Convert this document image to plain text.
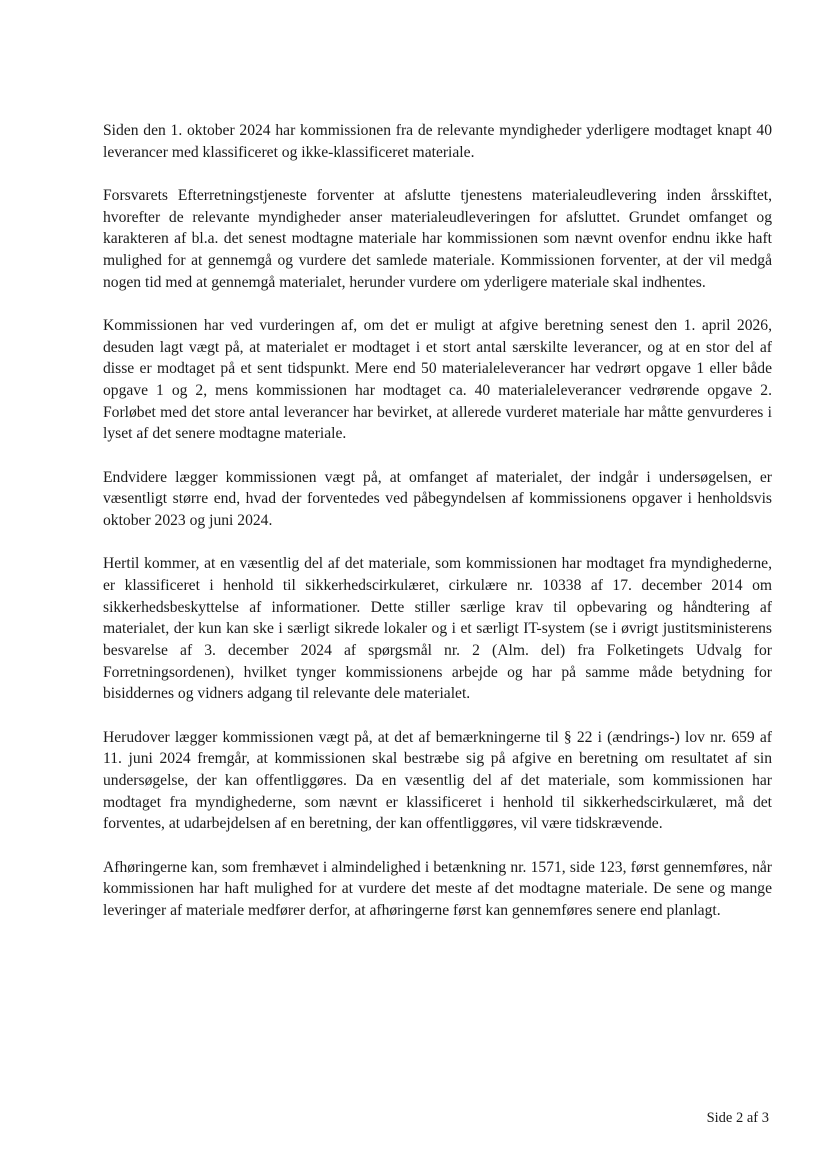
Siden den 1. oktober 2024 har kommissionen fra de relevante myndigheder yderligere modtaget knapt 40 leverancer med klassificeret og ikke-klassificeret materiale.

Forsvarets Efterretningstjeneste forventer at afslutte tjenestens materialeudlevering inden årsskiftet, hvorefter de relevante myndigheder anser materialeudleveringen for afsluttet. Grundet omfanget og karakteren af bl.a. det senest modtagne materiale har kommissionen som nævnt ovenfor endnu ikke haft mulighed for at gennemgå og vurdere det samlede materiale. Kommissionen forventer, at der vil medgå nogen tid med at gennemgå materialet, herunder vurdere om yderligere materiale skal indhentes.

Kommissionen har ved vurderingen af, om det er muligt at afgive beretning senest den 1. april 2026, desuden lagt vægt på, at materialet er modtaget i et stort antal særskilte leverancer, og at en stor del af disse er modtaget på et sent tidspunkt. Mere end 50 materialeleverancer har vedrørt opgave 1 eller både opgave 1 og 2, mens kommissionen har modtaget ca. 40 materialeleverancer vedrørende opgave 2. Forløbet med det store antal leverancer har bevirket, at allerede vurderet materiale har måtte genvurderes i lyset af det senere modtagne materiale.

Endvidere lægger kommissionen vægt på, at omfanget af materialet, der indgår i undersøgelsen, er væsentligt større end, hvad der forventedes ved påbegyndelsen af kommissionens opgaver i henholdsvis oktober 2023 og juni 2024.

Hertil kommer, at en væsentlig del af det materiale, som kommissionen har modtaget fra myndighederne, er klassificeret i henhold til sikkerhedscirkulæret, cirkulære nr. 10338 af 17. december 2014 om sikkerhedsbeskyttelse af informationer. Dette stiller særlige krav til opbevaring og håndtering af materialet, der kun kan ske i særligt sikrede lokaler og i et særligt IT-system (se i øvrigt justitsministerens besvarelse af 3. december 2024 af spørgsmål nr. 2 (Alm. del) fra Folketingets Udvalg for Forretningsordenen), hvilket tynger kommissionens arbejde og har på samme måde betydning for bisiddernes og vidners adgang til relevante dele materialet.

Herudover lægger kommissionen vægt på, at det af bemærkningerne til § 22 i (ændrings-) lov nr. 659 af 11. juni 2024 fremgår, at kommissionen skal bestræbe sig på afgive en beretning om resultatet af sin undersøgelse, der kan offentliggøres. Da en væsentlig del af det materiale, som kommissionen har modtaget fra myndighederne, som nævnt er klassificeret i henhold til sikkerhedscirkulæret, må det forventes, at udarbejdelsen af en beretning, der kan offentliggøres, vil være tidskrævende.

Afhøringerne kan, som fremhævet i almindelighed i betænkning nr. 1571, side 123, først gennemføres, når kommissionen har haft mulighed for at vurdere det meste af det modtagne materiale. De sene og mange leveringer af materiale medfører derfor, at afhøringerne først kan gennemføres senere end planlagt.

Side 2 af 3
